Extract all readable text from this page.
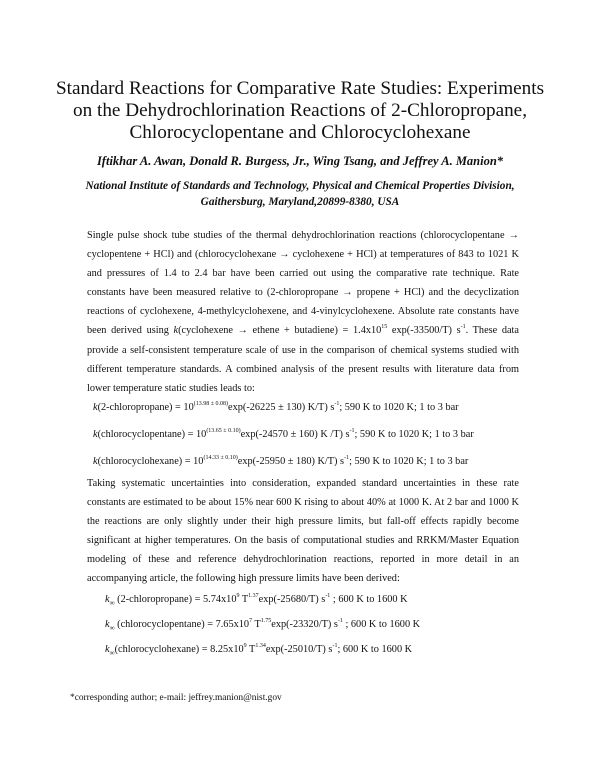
Standard Reactions for Comparative Rate Studies: Experiments
on the Dehydrochlorination Reactions of 2-Chloropropane,
Chlorocyclopentane and Chlorocyclohexane
Iftikhar A. Awan, Donald R. Burgess, Jr., Wing Tsang, and Jeffrey A. Manion*
National Institute of Standards and Technology, Physical and Chemical Properties Division,
Gaithersburg, Maryland,20899-8380, USA

Single pulse shock tube studies of the thermal dehydrochlorination reactions (chlorocyclopentane → cyclopentene + HCl) and (chlorocyclohexane → cyclohexene + HCl) at temperatures of 843 to 1021 K and pressures of 1.4 to 2.4 bar have been carried out using the comparative rate technique. Rate constants have been measured relative to (2-chloropropane → propene + HCl) and the decyclization reactions of cyclohexene, 4-methylcyclohexene, and 4-vinylcyclohexene. Absolute rate constants have been derived using k(cyclohexene → ethene + butadiene) = $1.4x10^{15}$ exp(-33500/T) $s^{-1}$. These data provide a self-consistent temperature scale of use in the comparison of chemical systems studied with different temperature standards. A combined analysis of the present results with literature data from lower temperature static studies leads to:

k(2-chloropropane) = $10^{(13.98 \pm 0.08)}\exp(-26225 \pm 130)$ K/T) $s^{-1}$; 590 K to 1020 K; 1 to 3 bar
k(chlorocyclopentane) = $10^{(13.65 \pm 0.10)}\exp(-24570 \pm 160)$ K /T) $s^{-1}$; 590 K to 1020 K; 1 to 3 bar
k(chlorocyclohexane) = $10^{(14.33 \pm 0.10)}\exp(-25950 \pm 180)$ K/T) $s^{-1}$; 590 K to 1020 K; 1 to 3 bar

Taking systematic uncertainties into consideration, expanded standard uncertainties in these rate constants are estimated to be about 15% near 600 K rising to about 40% at 1000 K. At 2 bar and 1000 K the reactions are only slightly under their high pressure limits, but fall-off effects rapidly become significant at higher temperatures. On the basis of computational studies and RRKM/Master Equation modeling of these and reference dehydrochlorination reactions, reported in more detail in an accompanying article, the following high pressure limits have been derived:

$k_\infty$ (2-chloropropane) = $5.74x10^9$ $T^{1.37}\exp(-25680/T)$ $s^{-1}$ ; 600 K to 1600 K
$k_\infty$ (chlorocyclopentane) = $7.65x10^7$ $T^{1.75}\exp(-23320/T)$ $s^{-1}$ ; 600 K to 1600 K
$k_\infty(chlorocyclohexane) = 8.25x10^9$ $T^{1.34}\exp(-25010/T)$ $s^{-1}$; 600 K to 1600 K
*corresponding author; e-mail: jeffrey.manion@nist.gov
